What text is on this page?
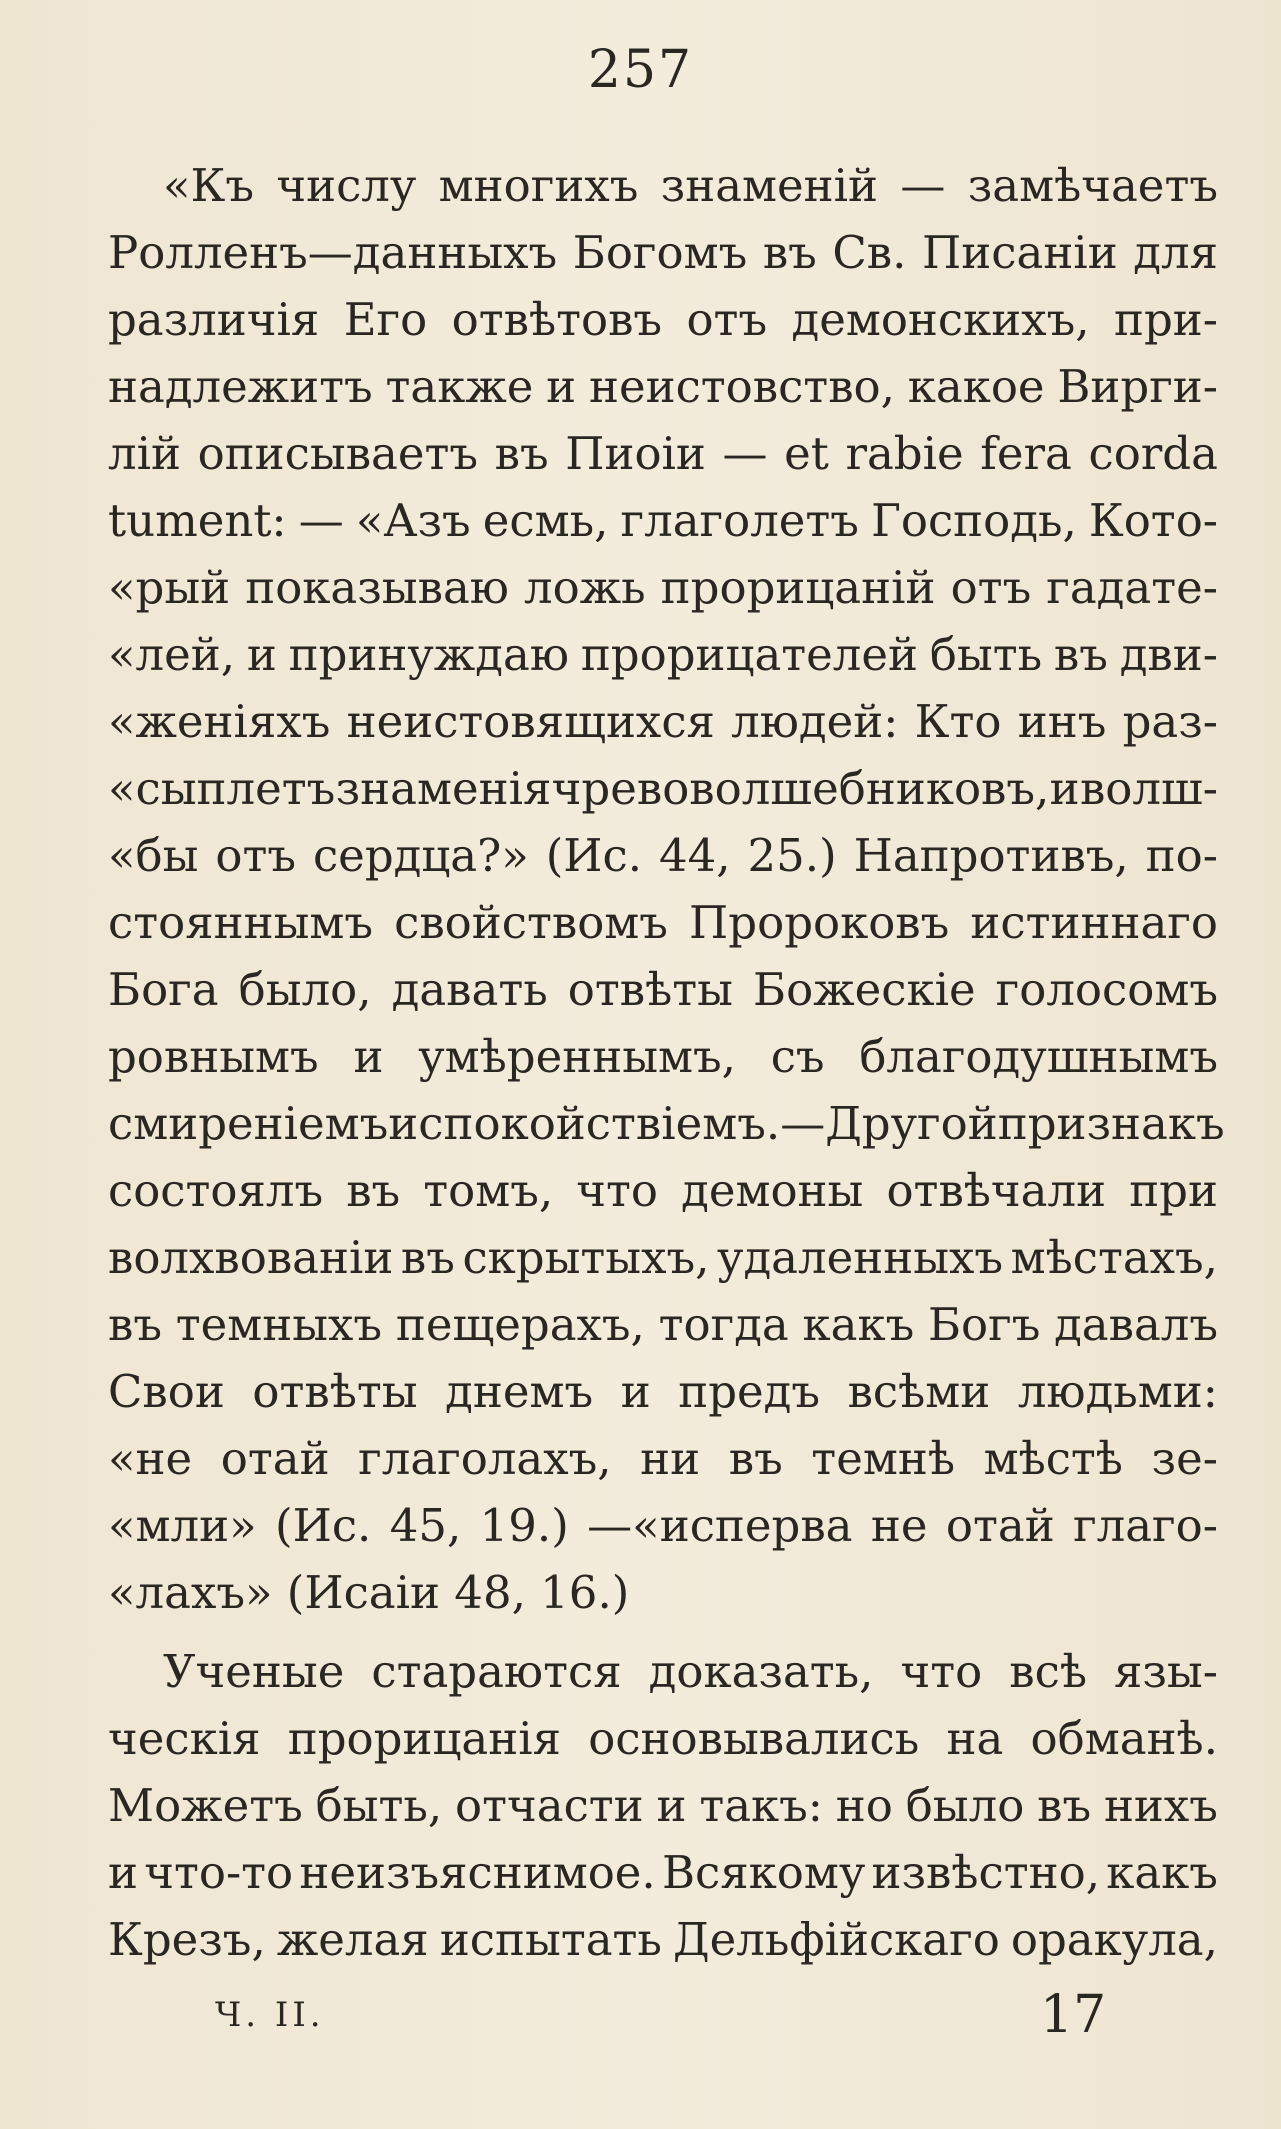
257
«Къ числу многихъ знаменій — замѣчаетъ
Ролленъ—данныхъ Богомъ въ Св. Писаніи для
различія Его отвѣтовъ отъ демонскихъ, при-
надлежитъ также и неистовство, какое Вирги-
лій описываетъ въ Пиоіи — et rabie fera corda
tument: — «Азъ есмь, глаголетъ Господь, Кото-
«рый показываю ложь прорицаній отъ гадате-
«лей, и принуждаю прорицателей быть въ дви-
«женіяхъ неистовящихся людей: Кто инъ раз-
«сыплетъ знаменія чревоволшебниковъ, и волш-
«бы отъ сердца?» (Ис. 44, 25.) Напротивъ, по-
стояннымъ свойствомъ Пророковъ истиннаго
Бога было, давать отвѣты Божескіе голосомъ
ровнымъ и умѣреннымъ, съ благодушнымъ
смиреніемъ и спокойствіемъ. —Другой признакъ
состоялъ въ томъ, что демоны отвѣчали при
волхвованіи въ скрытыхъ, удаленныхъ мѣстахъ,
въ темныхъ пещерахъ, тогда какъ Богъ давалъ
Свои отвѣты днемъ и предъ всѣми людьми:
«не отай глаголахъ, ни въ темнѣ мѣстѣ зе-
«мли» (Ис. 45, 19.) —«исперва не отай глаго-
«лахъ» (Исаіи 48, 16.)
Ученые стараются доказать, что всѣ язы-
ческія прорицанія основывались на обманѣ.
Можетъ быть, отчасти и такъ: но было въ нихъ
и что-то неизъяснимое. Всякому извѣстно, какъ
Крезъ, желая испытать Дельфійскаго оракула,
Ч. II.	17
